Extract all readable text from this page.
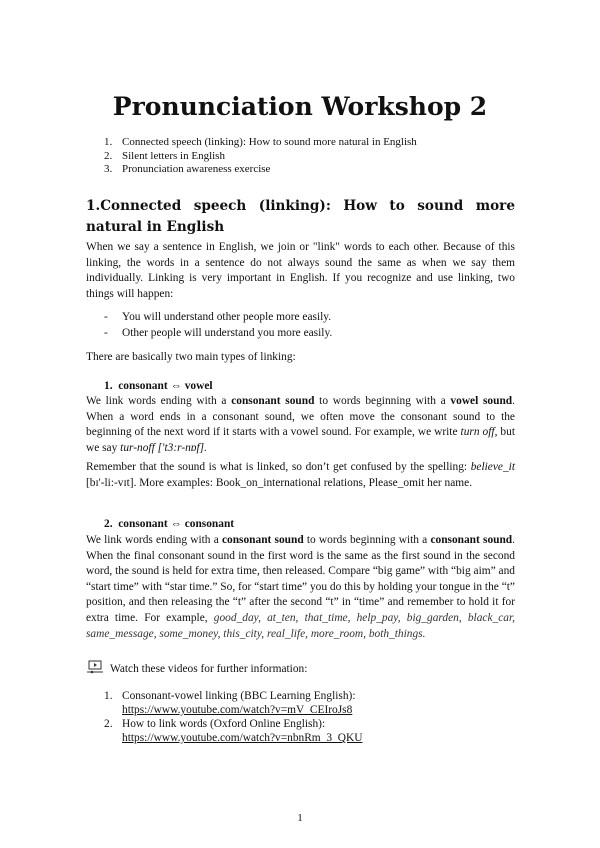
Pronunciation Workshop 2
1. Connected speech (linking): How to sound more natural in English
2. Silent letters in English
3. Pronunciation awareness exercise
1.Connected speech (linking): How to sound more natural in English

When we say a sentence in English, we join or "link" words to each other. Because of this linking, the words in a sentence do not always sound the same as when we say them individually. Linking is very important in English. If you recognize and use linking, two things will happen:

- You will understand other people more easily.
- Other people will understand you more easily.

There are basically two main types of linking:

1. consonant ⇔ vowel

We link words ending with a consonant sound to words beginning with a vowel sound. When a word ends in a consonant sound, we often move the consonant sound to the beginning of the next word if it starts with a vowel sound. For example, we write turn off, but we say tur-noff ['t3:r-nɒf].

Remember that the sound is what is linked, so don’t get confused by the spelling: believe_it [bɪ'-li:-vɪt]. More examples: Book_on_international relations, Please_omit her name.

2. consonant ⇔ consonant

We link words ending with a consonant sound to words beginning with a consonant sound. When the final consonant sound in the first word is the same as the first sound in the second word, the sound is held for extra time, then released. Compare “big game” with “big aim” and “start time” with “star time.” So, for “start time” you do this by holding your tongue in the “t” position, and then releasing the “t” after the second “t” in “time” and remember to hold it for extra time. For example, good_day, at_ten, that_time, help_pay, big_garden, black_car, same_message, some_money, this_city, real_life, more_room, both_things.

Watch these videos for further information:
1. Consonant-vowel linking (BBC Learning English):
https://www.youtube.com/watch?v=mV_CEIroJs8
2. How to link words (Oxford Online English):
https://www.youtube.com/watch?v=nbnRm_3_QKU
1
